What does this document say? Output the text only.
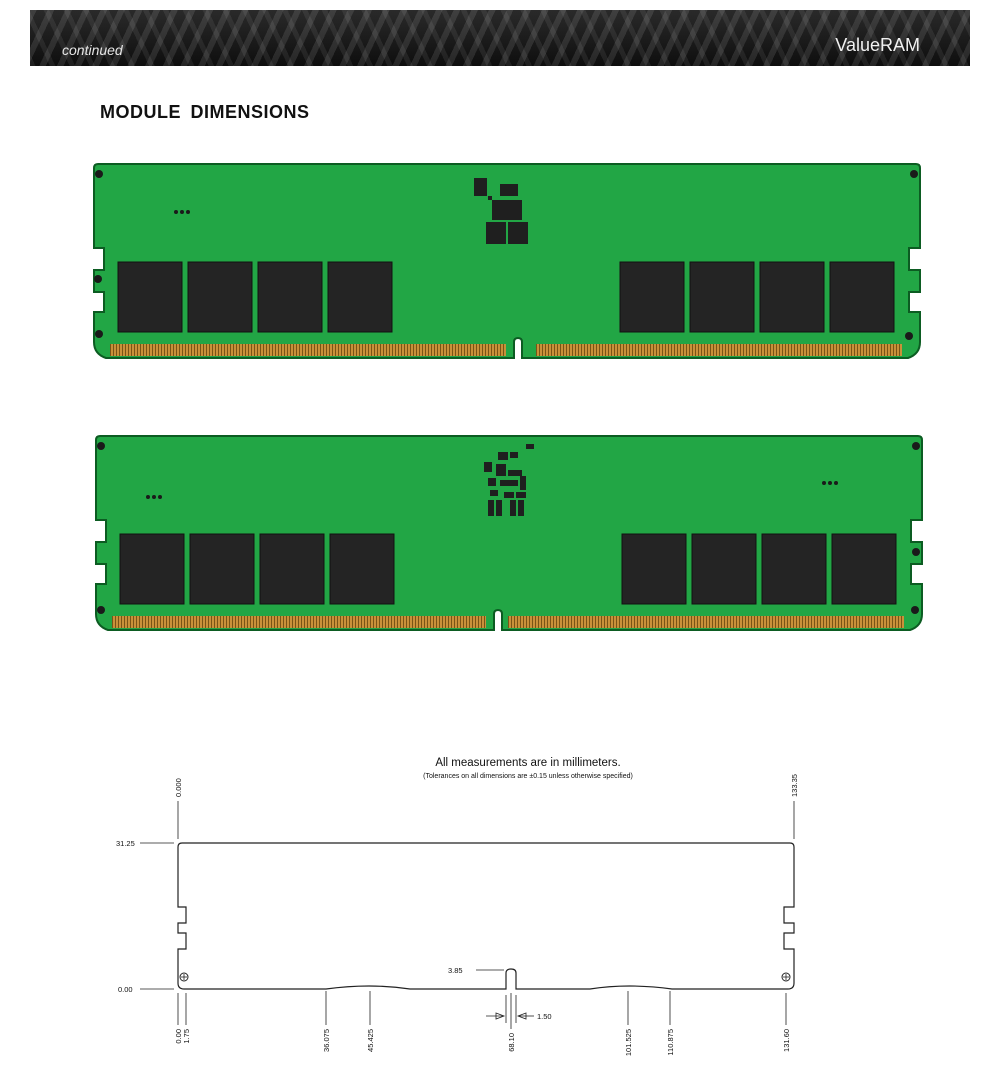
continued	ValueRAM
MODULE DIMENSIONS
All measurements are in millimeters.
(Tolerances on all dimensions are ±0.15 unless otherwise specified)
0.000	133.35
31.25
0.00
0.00 1.75	36.075	45.425	68.10
3.85
1.50
101.525	110.875	131.60
